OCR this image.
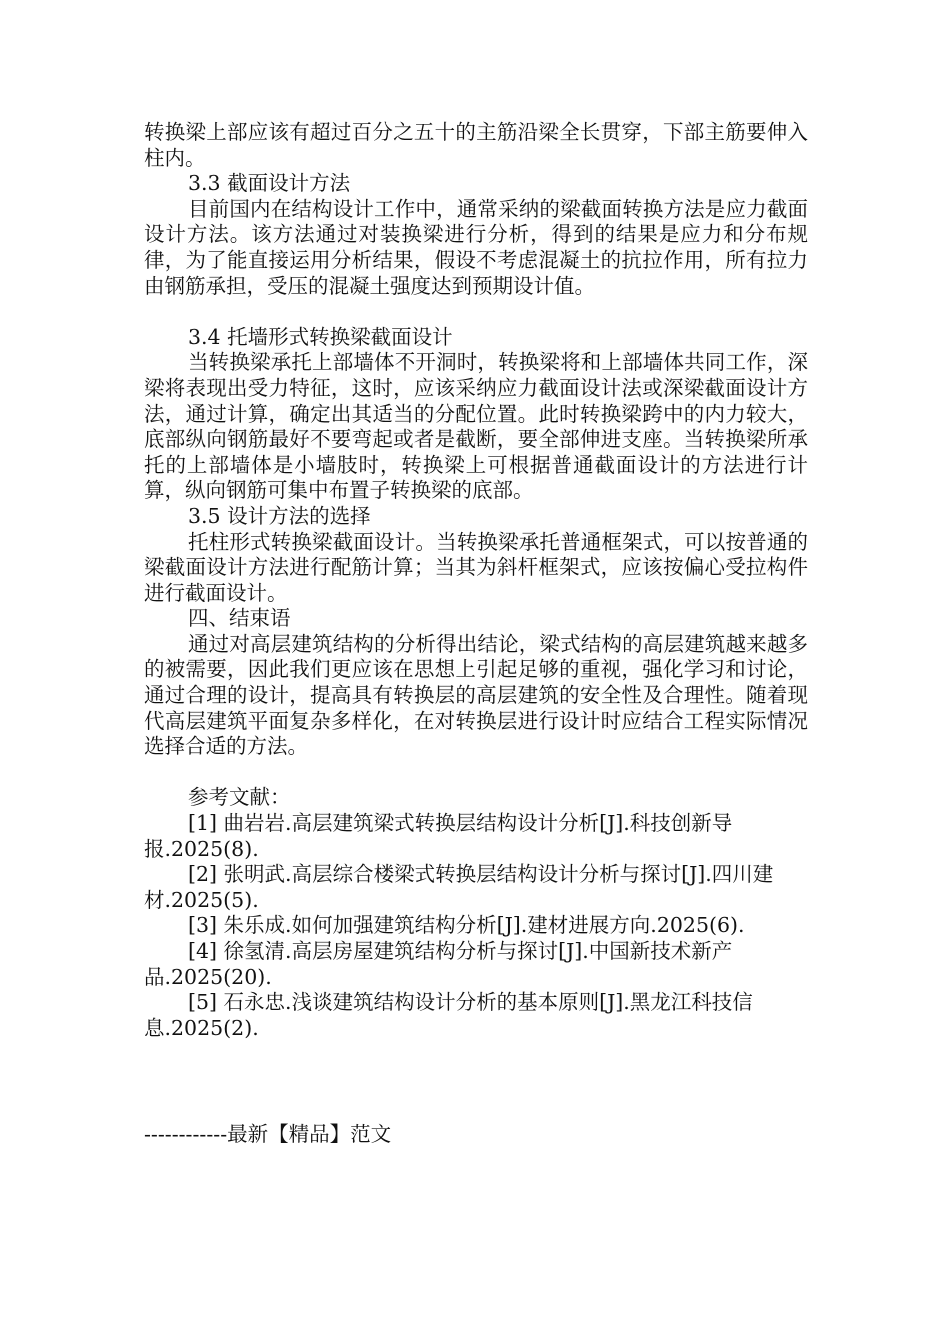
转换梁上部应该有超过百分之五十的主筋沿梁全长贯穿，下部主筋要伸入柱内。

3.3 截面设计方法

目前国内在结构设计工作中，通常采纳的梁截面转换方法是应力截面设计方法。该方法通过对装换梁进行分析，得到的结果是应力和分布规律，为了能直接运用分析结果，假设不考虑混凝土的抗拉作用，所有拉力由钢筋承担，受压的混凝土强度达到预期设计值。

3.4 托墙形式转换梁截面设计

当转换梁承托上部墙体不开洞时，转换梁将和上部墙体共同工作，深梁将表现出受力特征，这时，应该采纳应力截面设计法或深梁截面设计方法，通过计算，确定出其适当的分配位置。此时转换梁跨中的内力较大，底部纵向钢筋最好不要弯起或者是截断，要全部伸进支座。当转换梁所承托的上部墙体是小墙肢时，转换梁上可根据普通截面设计的方法进行计算，纵向钢筋可集中布置子转换梁的底部。

3.5 设计方法的选择

托柱形式转换梁截面设计。当转换梁承托普通框架式，可以按普通的梁截面设计方法进行配筋计算；当其为斜杆框架式，应该按偏心受拉构件进行截面设计。

四、结束语

通过对高层建筑结构的分析得出结论，梁式结构的高层建筑越来越多的被需要，因此我们更应该在思想上引起足够的重视，强化学习和讨论，通过合理的设计，提高具有转换层的高层建筑的安全性及合理性。随着现代高层建筑平面复杂多样化，在对转换层进行设计时应结合工程实际情况选择合适的方法。

参考文献：

[1] 曲岩岩.高层建筑梁式转换层结构设计分析[J].科技创新导报.2025(8).

[2] 张明武.高层综合楼梁式转换层结构设计分析与探讨[J].四川建材.2025(5).

[3] 朱乐成.如何加强建筑结构分析[J].建材进展方向.2025(6).

[4] 徐氢清.高层房屋建筑结构分析与探讨[J].中国新技术新产品.2025(20).

[5] 石永忠.浅谈建筑结构设计分析的基本原则[J].黑龙江科技信息.2025(2).

------------最新【精品】范文
